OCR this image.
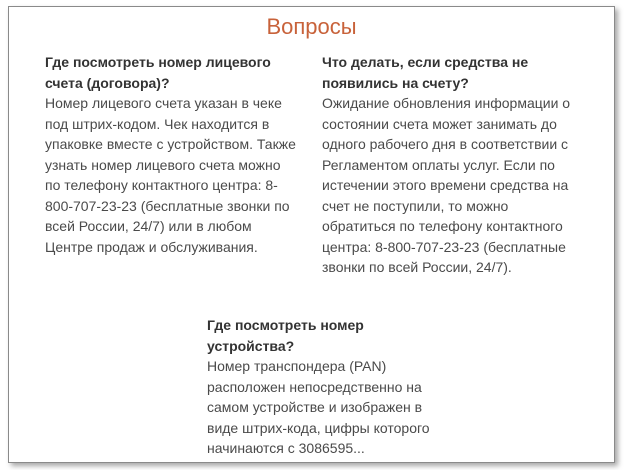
Вопросы
Где посмотреть номер лицевого счета (договора)?
Номер лицевого счета указан в чеке под штрих-кодом. Чек находится в упаковке вместе с устройством. Также узнать номер лицевого счета можно по телефону контактного центра: 8-800-707-23-23 (бесплатные звонки по всей России, 24/7) или в любом Центре продаж и обслуживания.
Что делать, если средства не появились на счету?
Ожидание обновления информации о состоянии счета может занимать до одного рабочего дня в соответствии с Регламентом оплаты услуг. Если по истечении этого времени средства на счет не поступили, то можно обратиться по телефону контактного центра: 8-800-707-23-23 (бесплатные звонки по всей России, 24/7).
Где посмотреть номер устройства?
Номер транспондера (PAN) расположен непосредственно на самом устройстве и изображен в виде штрих-кода, цифры которого начинаются с 3086595...
